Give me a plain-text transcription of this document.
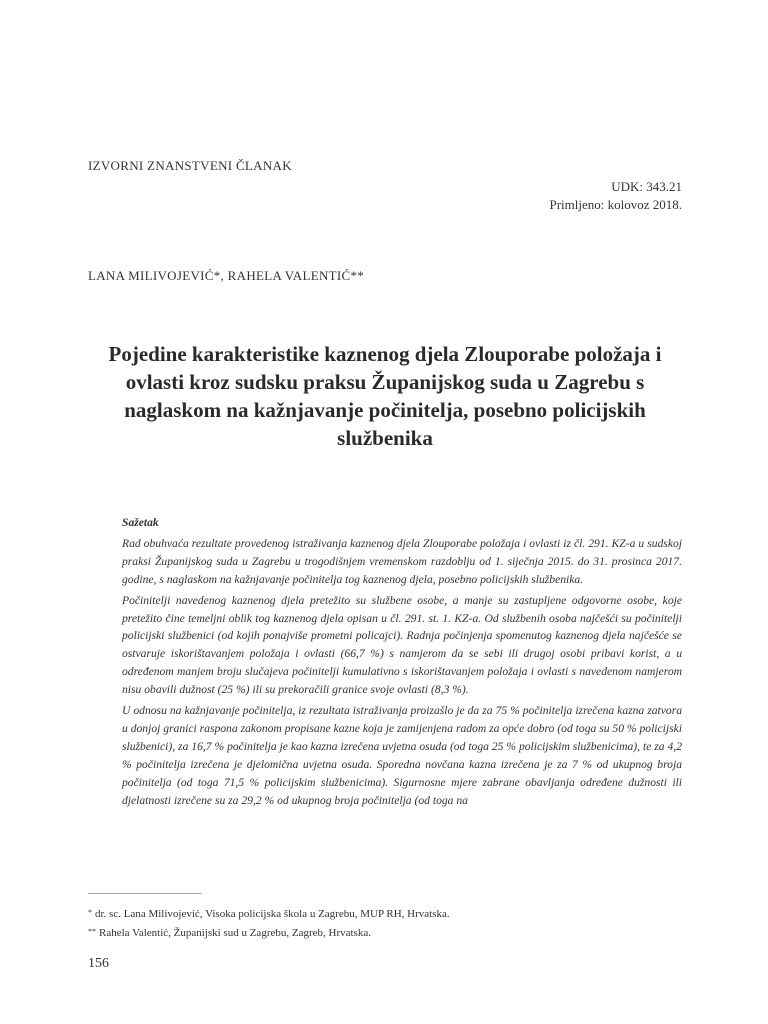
IZVORNI ZNANSTVENI ČLANAK
UDK: 343.21
Primljeno: kolovoz 2018.
LANA MILIVOJEVIĆ*, RAHELA VALENTIĆ**
Pojedine karakteristike kaznenog djela Zlouporabe položaja i ovlasti kroz sudsku praksu Županijskog suda u Zagrebu s naglaskom na kažnjavanje počinitelja, posebno policijskih službenika
Sažetak

Rad obuhvaća rezultate provedenog istraživanja kaznenog djela Zlouporabe položaja i ovlasti iz čl. 291. KZ-a u sudskoj praksi Županijskog suda u Zagrebu u trogodišnjem vremenskom razdoblju od 1. siječnja 2015. do 31. prosinca 2017. godine, s naglaskom na kažnjavanje počinitelja tog kaznenog djela, posebno policijskih službenika.

Počinitelji navedenog kaznenog djela pretežito su službene osobe, a manje su zastupljene odgovorne osobe, koje pretežito čine temeljni oblik tog kaznenog djela opisan u čl. 291. st. 1. KZ-a. Od službenih osoba najčešći su počinitelji policijski službenici (od kojih ponajviše prometni policajci). Radnja počinjenja spomenutog kaznenog djela najčešće se ostvaruje iskorištavanjem položaja i ovlasti (66,7 %) s namjerom da se sebi ili drugoj osobi pribavi korist, a u određenom manjem broju slučajeva počinitelji kumulativno s iskorištavanjem položaja i ovlasti s navedenom namjerom nisu obavili dužnost (25 %) ili su prekoračili granice svoje ovlasti (8,3 %).

U odnosu na kažnjavanje počinitelja, iz rezultata istraživanja proizašlo je da za 75 % počinitelja izrečena kazna zatvora u donjoj granici raspona zakonom propisane kazne koja je zamijenjena radom za opće dobro (od toga su 50 % policijski službenici), za 16,7 % počinitelja je kao kazna izrečena uvjetna osuda (od toga 25 % policijskim službenicima), te za 4,2 % počinitelja izrečena je djelomična uvjetna osuda. Sporedna novčana kazna izrečena je za 7 % od ukupnog broja počinitelja (od toga 71,5 % policijskim službenicima). Sigurnosne mjere zabrane obavljanja određene dužnosti ili djelatnosti izrečene su za 29,2 % od ukupnog broja počinitelja (od toga na

* dr. sc. Lana Milivojević, Visoka policijska škola u Zagrebu, MUP RH, Hrvatska.
** Rahela Valentić, Županijski sud u Zagrebu, Zagreb, Hrvatska.
156
